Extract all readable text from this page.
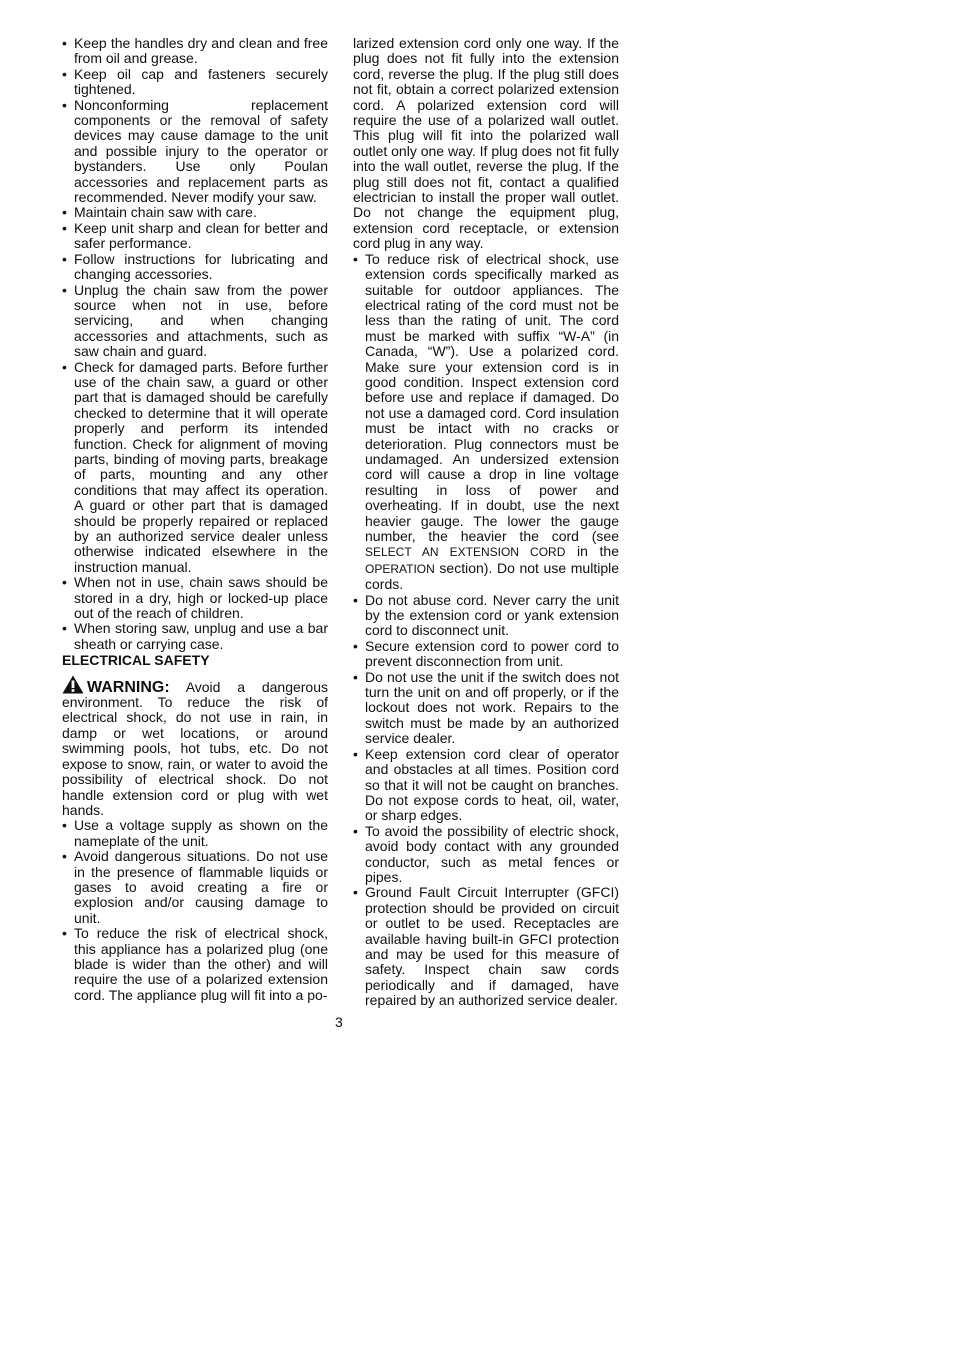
• Keep the handles dry and clean and free from oil and grease.
• Keep oil cap and fasteners securely tightened.
• Nonconforming replacement components or the removal of safety devices may cause damage to the unit and possible injury to the operator or bystanders. Use only Poulan accessories and replacement parts as recommended. Never modify your saw.
• Maintain chain saw with care.
• Keep unit sharp and clean for better and safer performance.
• Follow instructions for lubricating and changing accessories.
• Unplug the chain saw from the power source when not in use, before servicing, and when changing accessories and attachments, such as saw chain and guard.
• Check for damaged parts. Before further use of the chain saw, a guard or other part that is damaged should be carefully checked to determine that it will operate properly and perform its intended function. Check for alignment of moving parts, binding of moving parts, breakage of parts, mounting and any other conditions that may affect its operation. A guard or other part that is damaged should be properly repaired or replaced by an authorized service dealer unless otherwise indicated elsewhere in the instruction manual.
• When not in use, chain saws should be stored in a dry, high or locked-up place out of the reach of children.
• When storing saw, unplug and use a bar sheath or carrying case.
ELECTRICAL SAFETY

WARNING: Avoid a dangerous environment. To reduce the risk of electrical shock, do not use in rain, in damp or wet locations, or around swimming pools, hot tubs, etc. Do not expose to snow, rain, or water to avoid the possibility of electrical shock. Do not handle extension cord or plug with wet hands.

• Use a voltage supply as shown on the nameplate of the unit.
• Avoid dangerous situations. Do not use in the presence of flammable liquids or gases to avoid creating a fire or explosion and/or causing damage to unit.
• To reduce the risk of electrical shock, this appliance has a polarized plug (one blade is wider than the other) and will require the use of a polarized extension cord. The appliance plug will fit into a po-

larized extension cord only one way. If the plug does not fit fully into the extension cord, reverse the plug. If the plug still does not fit, obtain a correct polarized extension cord. A polarized extension cord will require the use of a polarized wall outlet. This plug will fit into the polarized wall outlet only one way. If plug does not fit fully into the wall outlet, reverse the plug. If the plug still does not fit, contact a qualified electrician to install the proper wall outlet. Do not change the equipment plug, extension cord receptacle, or extension cord plug in any way.

• To reduce risk of electrical shock, use extension cords specifically marked as suitable for outdoor appliances. The electrical rating of the cord must not be less than the rating of unit. The cord must be marked with suffix “W-A” (in Canada, “W”). Use a polarized cord. Make sure your extension cord is in good condition. Inspect extension cord before use and replace if damaged. Do not use a damaged cord. Cord insulation must be intact with no cracks or deterioration. Plug connectors must be undamaged. An undersized extension cord will cause a drop in line voltage resulting in loss of power and overheating. If in doubt, use the next heavier gauge. The lower the gauge number, the heavier the cord (see SELECT AN EXTENSION CORD in the OPERATION section). Do not use multiple cords.
• Do not abuse cord. Never carry the unit by the extension cord or yank extension cord to disconnect unit.
• Secure extension cord to power cord to prevent disconnection from unit.
• Do not use the unit if the switch does not turn the unit on and off properly, or if the lockout does not work. Repairs to the switch must be made by an authorized service dealer.
• Keep extension cord clear of operator and obstacles at all times. Position cord so that it will not be caught on branches. Do not expose cords to heat, oil, water, or sharp edges.
• To avoid the possibility of electric shock, avoid body contact with any grounded conductor, such as metal fences or pipes.
• Ground Fault Circuit Interrupter (GFCI) protection should be provided on circuit or outlet to be used. Receptacles are available having built-in GFCI protection and may be used for this measure of safety. Inspect chain saw cords periodically and if damaged, have repaired by an authorized service dealer.
3
